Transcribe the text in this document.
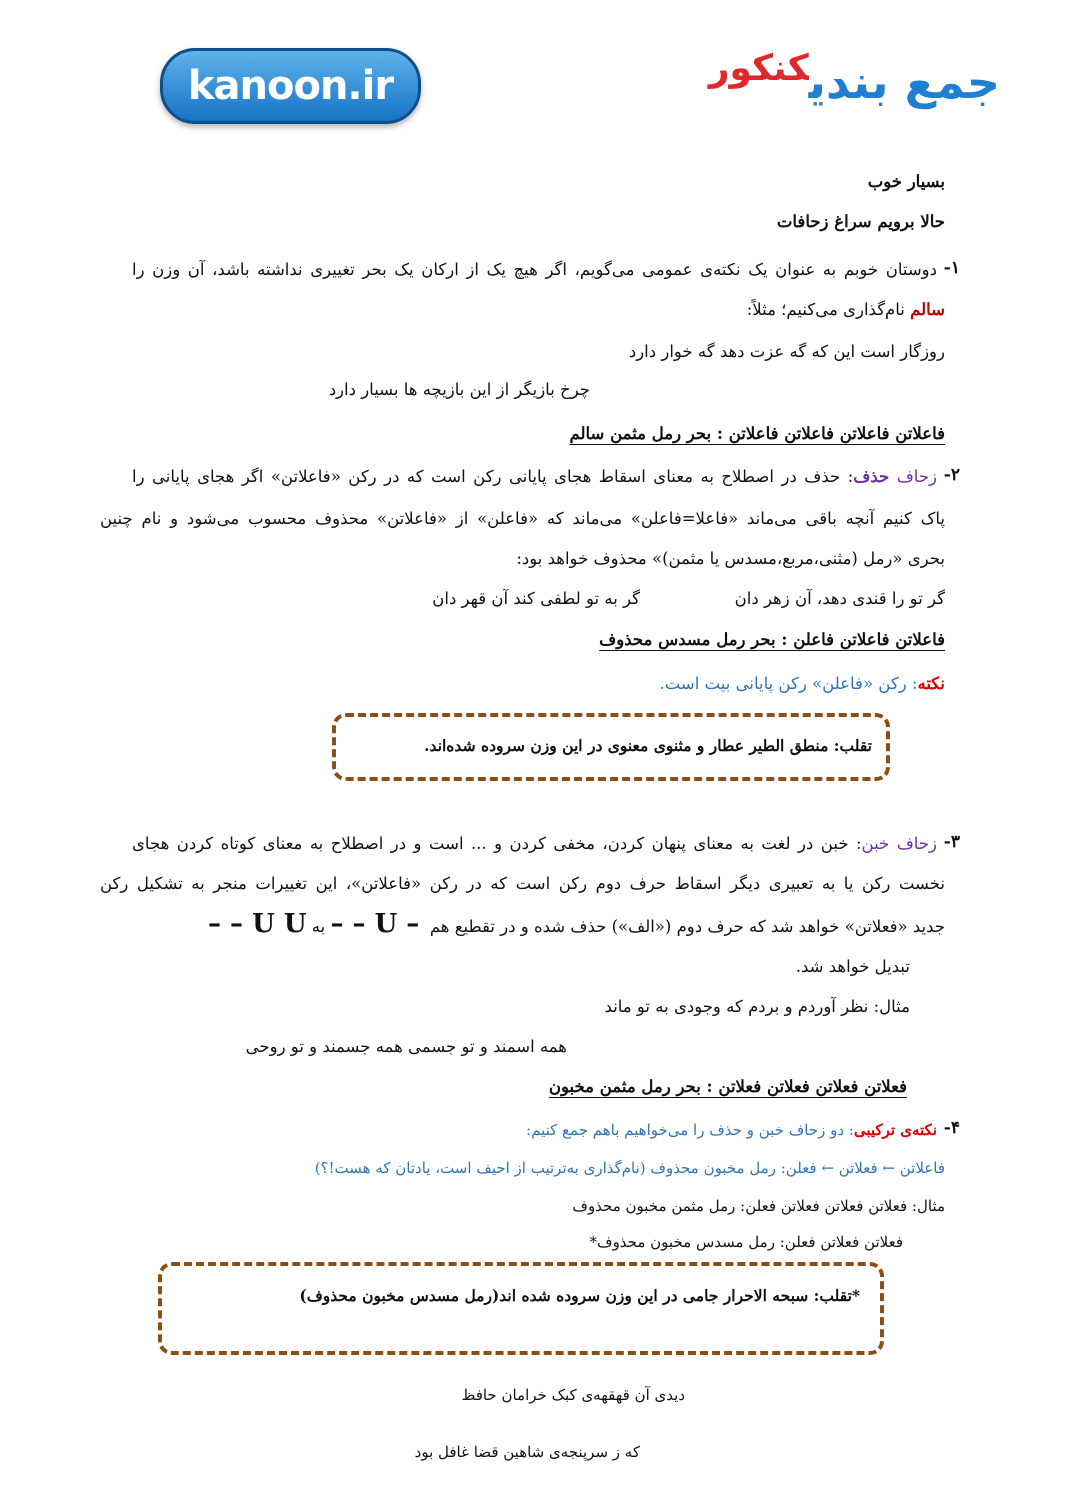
kanoon.ir	جمع بندی$^{کنکور}$
بسیار خوب
حالا برویم سراغ زحافات
۱-
دوستان خوبم به عنوان یک نکته‌ی عمومی می‌گویم، اگر هیچ یک از ارکان یک بحر تغییری نداشته باشد، آن وزن را
سالم نام‌گذاری می‌کنیم؛ مثلاً:
روزگار است این که گه عزت دهد گه خوار دارد
چرخ بازیگر از این بازیچه ها بسیار دارد
فاعلاتن فاعلاتن فاعلاتن فاعلاتن : بحر رمل مثمن سالم
۲-
زحاف حذف: حذف در اصطلاح به معنای اسقاط هجای پایانی رکن است که در رکن «فاعلاتن» اگر هجای پایانی را
پاک کنیم آنچه باقی می‌ماند «فاعلا=فاعلن» می‌ماند که «فاعلن» از «فاعلاتن» محذوف محسوب می‌شود و نام چنین
بحری «رمل (مثنی،مربع،مسدس یا مثمن)» محذوف خواهد بود:
گر تو را قندی دهد، آن زهر دان
گر به تو لطفی کند آن قهر دان
فاعلاتن فاعلاتن فاعلن : بحر رمل مسدس محذوف
نکته: رکن «فاعلن» رکن پایانی بیت است.
تقلب: منطق الطیر عطار و مثنوی معنوی در این وزن سروده شده‌اند.
۳-
زحاف خبن: خبن در لغت به معنای پنهان کردن، مخفی کردن و ... است و در اصطلاح به معنای کوتاه کردن هجای
نخست رکن یا به تعبیری دیگر اسقاط حرف دوم رکن است که در رکن «فاعلاتن»، این تغییرات منجر به تشکیل رکن
جدید «فعلاتن» خواهد شد که حرف دوم («الف») حذف شده و در تقطیع هم  – U – – به U U – –
تبدیل خواهد شد.
مثال: نظر آوردم و بردم که وجودی به تو ماند
همه اسمند و تو جسمی همه جسمند و تو روحی
فعلاتن فعلاتن فعلاتن فعلاتن : بحر رمل مثمن مخبون
۴-
نکته‌ی ترکیبی: دو زحاف خبن و حذف را می‌خواهیم باهم جمع کنیم:
فاعلاتن ← فعلاتن ← فعلن: رمل مخبون محذوف (نام‌گذاری به‌ترتیب از احیف است، یادتان که هست!؟)
مثال: فعلاتن فعلاتن فعلاتن فعلن: رمل مثمن مخبون محذوف
فعلاتن فعلاتن فعلن: رمل مسدس مخبون محذوف*
*تقلب: سبحه الاحرار جامی در این وزن سروده شده اند(رمل مسدس مخبون محذوف)
دیدی آن قهقهه‌ی کبک خرامان حافظ
که ز سرپنجه‌ی شاهین قضا غافل بود
